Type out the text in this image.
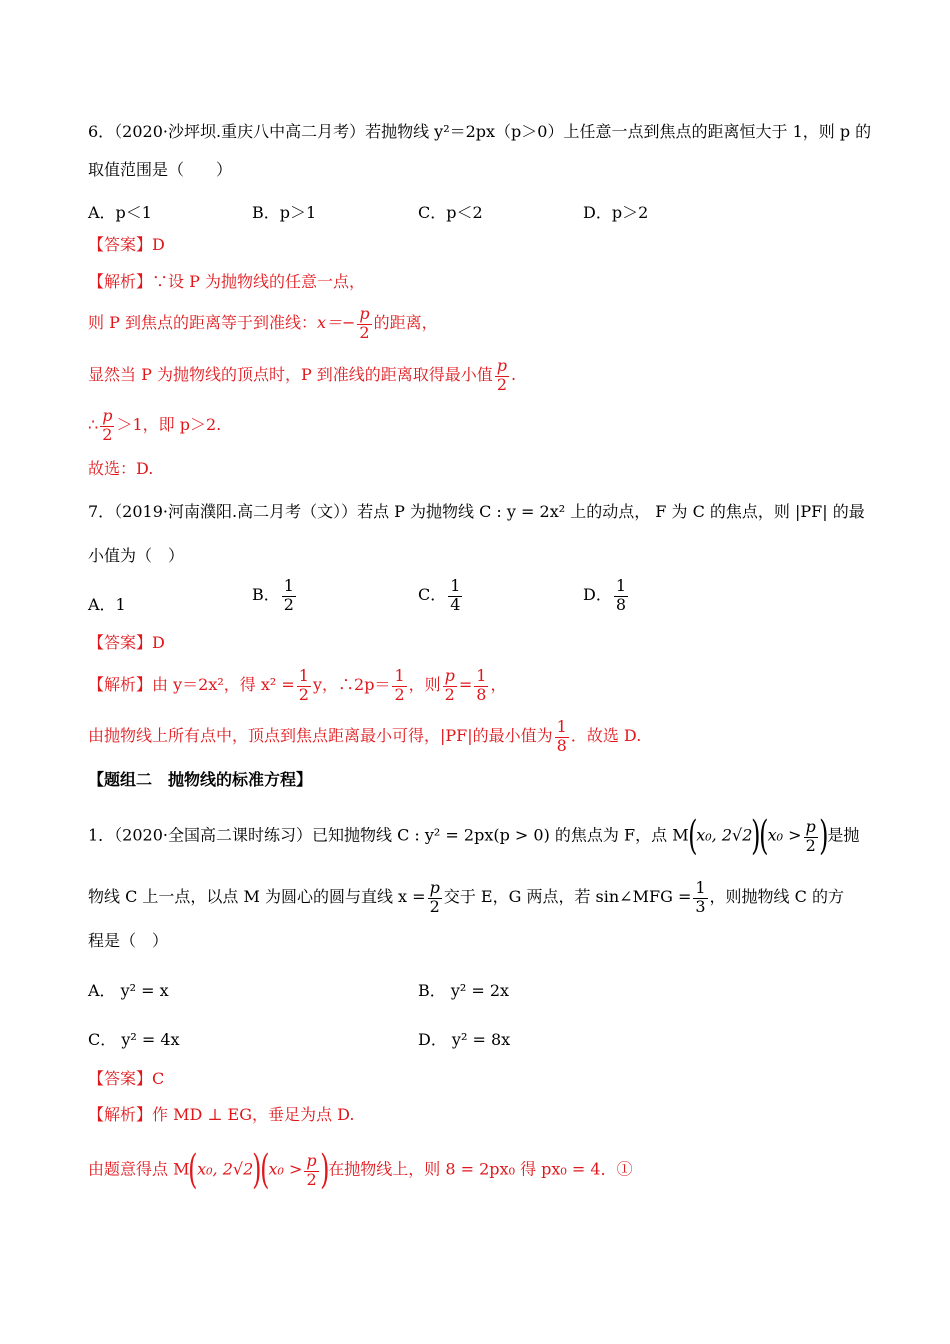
6．（2020·沙坪坝.重庆八中高二月考）若抛物线 y²＝2px（p＞0）上任意一点到焦点的距离恒大于 1，则 p 的
取值范围是（　　）
A．p＜1	B．p＞1	C．p＜2	D．p＞2
【答案】D
【解析】∵设 P 为抛物线的任意一点，
则 P 到焦点的距离等于到准线：$x=- \frac{p}{2}$ 的距离，
显然当 P 为抛物线的顶点时，P 到准线的距离取得最小值 $\frac{p}{2}$ .
∴ $\frac{p}{2} >1$，即 p＞2.
故选：D.
7．（2019·河南濮阳.高二月考（文））若点 P 为抛物线 C : y = 2x² 上的动点， F 为 C 的焦点，则 |PF| 的最
小值为（　）
A．1
B． $\frac{1}{2}$	C． $\frac{1}{4}$	D． $\frac{1}{8}$
【答案】D
【解析】由 y＝2x²，得 $x^2 = \frac{1}{2}$ y，∴2p＝ $\frac{1}{2}$ ，则 $\frac{p}{2} = \frac{1}{8}$ ，
由抛物线上所有点中，顶点到焦点距离最小可得，|PF|的最小值为 $\frac{1}{8}$ ．故选 D.
【题组二　抛物线的标准方程】
1．（2020·全国高二课时练习）已知抛物线 C : y² = 2px(p > 0) 的焦点为 F，点 M(x₀, $2√2)(x_0 > \frac{p}{2}$ )是抛
物线 C 上一点，以点 M 为圆心的圆与直线 $x = \frac{p}{2}$ 交于 E，G 两点，若 sin∠MFG = $\frac{1}{3}$ ，则抛物线 C 的方
程是（　）
A． y² = x	B． y² = 2x
C． y² = 4x	D． y² = 8x
【答案】C
【解析】作 MD ⊥ EG，垂足为点 D.
由题意得点 M(x₀, $2√2)(x_0 > \frac{p}{2}$ )在抛物线上，则 8 = 2px₀ 得 px₀ = 4．①
